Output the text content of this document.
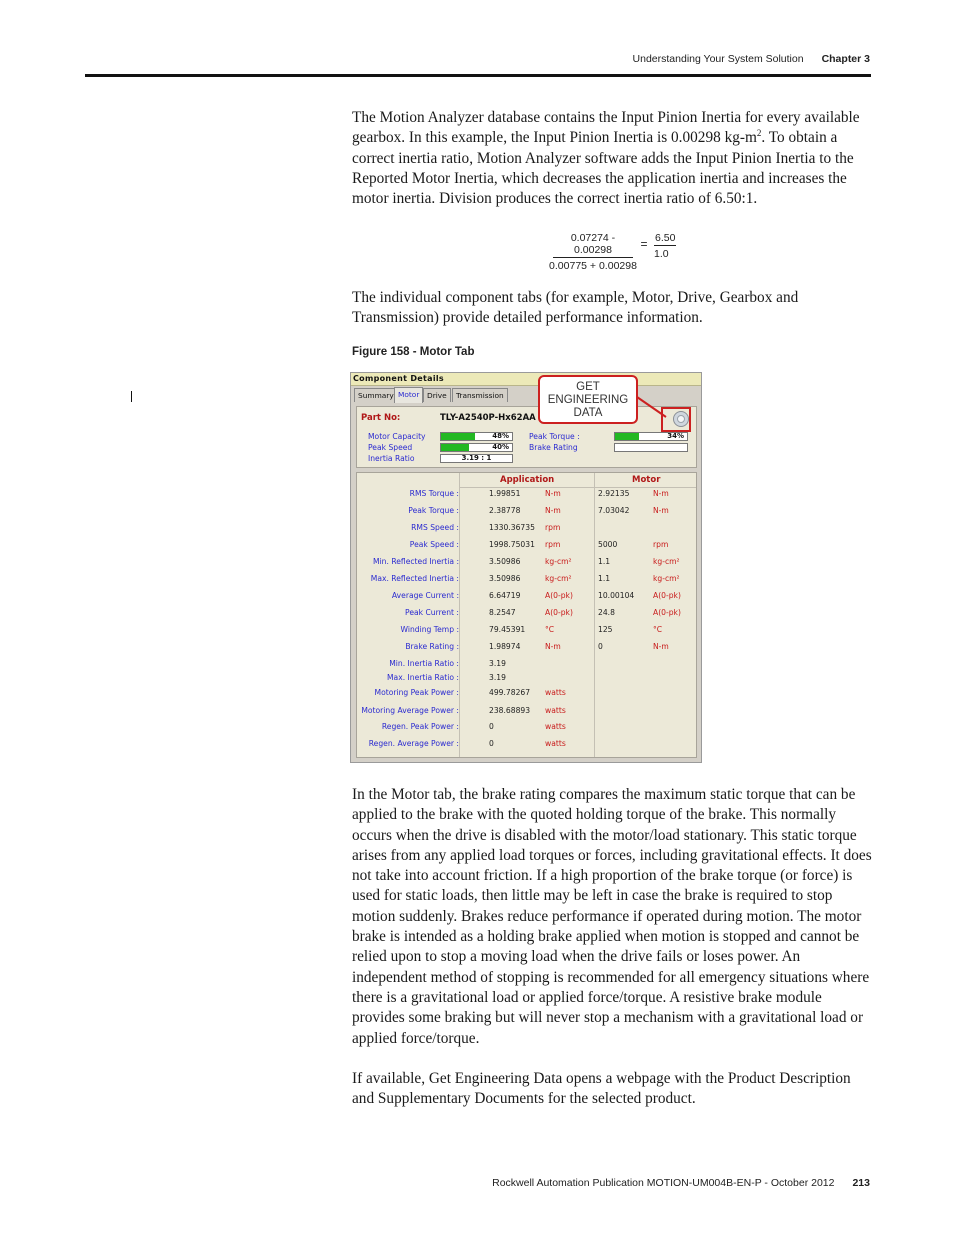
Understanding Your System Solution Chapter 3

The Motion Analyzer database contains the Input Pinion Inertia for every available gearbox. In this example, the Input Pinion Inertia is 0.00298 $kg-m^2$. To obtain a correct inertia ratio, Motion Analyzer software adds the Input Pinion Inertia to the Reported Motor Inertia, which decreases the application inertia and increases the motor inertia. Division produces the correct inertia ratio of 6.50:1.

$\frac{0.07274 - 0.00298}{0.00775 + 0.00298} = \frac{6.50}{1.0}$

The individual component tabs (for example, Motor, Drive, Gearbox and Transmission) provide detailed performance information.

Figure 158 - Motor Tab
Component Details
Summary Motor	Drive	Transmission
Part No:	TLY-A2540P-Hx62AA
Motor Capacity	48%
Peak Speed	40%
Inertia Ratio	3.19 : 1
Peak Torque :	34%
Brake Rating
Application	Motor
RMS Torque :	1.99851	N-m	2.92135	N-m
Peak Torque :	2.38778	N-m	7.03042	N-m
RMS Speed :	1330.36735 rpm
Peak Speed :	1998.75031 rpm	5000	rpm
Min. Reflected Inertia :	3.50986	kg-cm²	1.1	kg-cm²
Max. Reflected Inertia :	3.50986	kg-cm²	1.1	kg-cm²
Average Current :	6.64719	A(0-pk)	10.00104 A(0-pk)
Peak Current :	8.2547	A(0-pk)	24.8	A(0-pk)
Winding Temp :	79.45391	°C	125	°C
Brake Rating :	1.98974	N-m	0	N-m
Min. Inertia Ratio :	3.19
Max. Inertia Ratio :	3.19
Motoring Peak Power :	499.78267 watts
Motoring Average Power :	238.68893 watts
Regen. Peak Power :	0	watts
Regen. Average Power :	0	watts
GET
ENGINEERING
DATA

In the Motor tab, the brake rating compares the maximum static torque that can be applied to the brake with the quoted holding torque of the brake. This normally occurs when the drive is disabled with the motor/load stationary. This static torque arises from any applied load torques or forces, including gravitational effects. It does not take into account friction. If a high proportion of the brake torque (or force) is used for static loads, then little may be left in case the brake is required to stop motion suddenly. Brakes reduce performance if operated during motion. The motor brake is intended as a holding brake applied when motion is stopped and cannot be relied upon to stop a moving load when the drive fails or loses power. An independent method of stopping is recommended for all emergency situations where there is a gravitational load or applied force/torque. A resistive brake module provides some braking but will never stop a mechanism with a gravitational load or applied force/torque.

If available, Get Engineering Data opens a webpage with the Product Description and Supplementary Documents for the selected product.

Rockwell Automation Publication MOTION-UM004B-EN-P - October 2012 213
